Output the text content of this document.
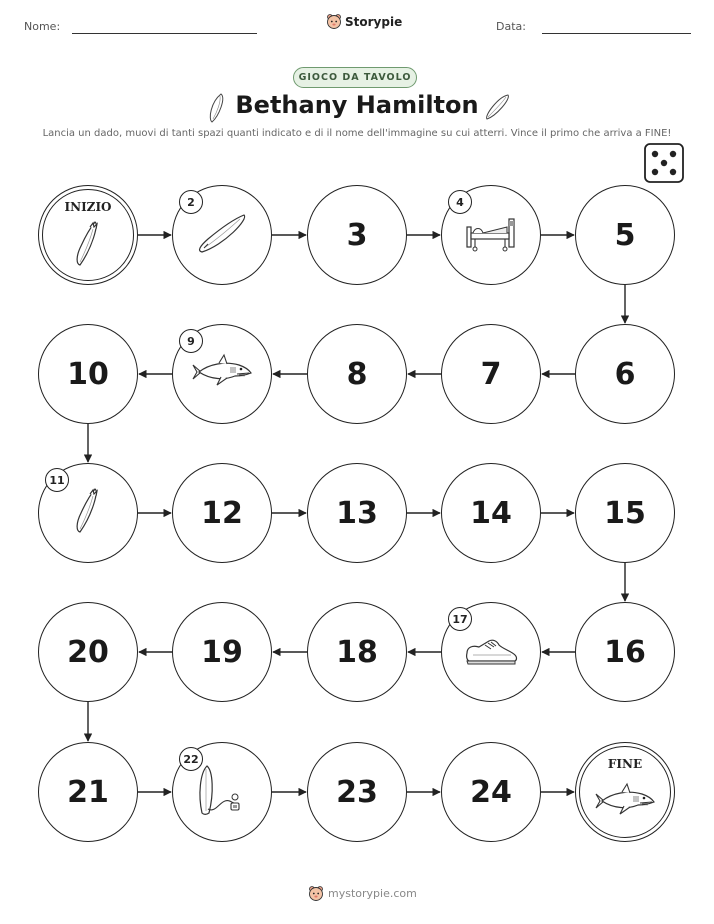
Nome:	Data:
Storypie
GIOCO DA TAVOLO
Bethany Hamilton
Lancia un dado, muovi di tanti spazi quanti indicato e di il nome dell'immagine su cui atterri. Vince il primo che arriva a FINE!
INIZIO	2
3
4
5
6
7
8
9
10
11
12	13	14	15
16
17
18
19
20
21
22
23	24
FINE
mystorypie.com
